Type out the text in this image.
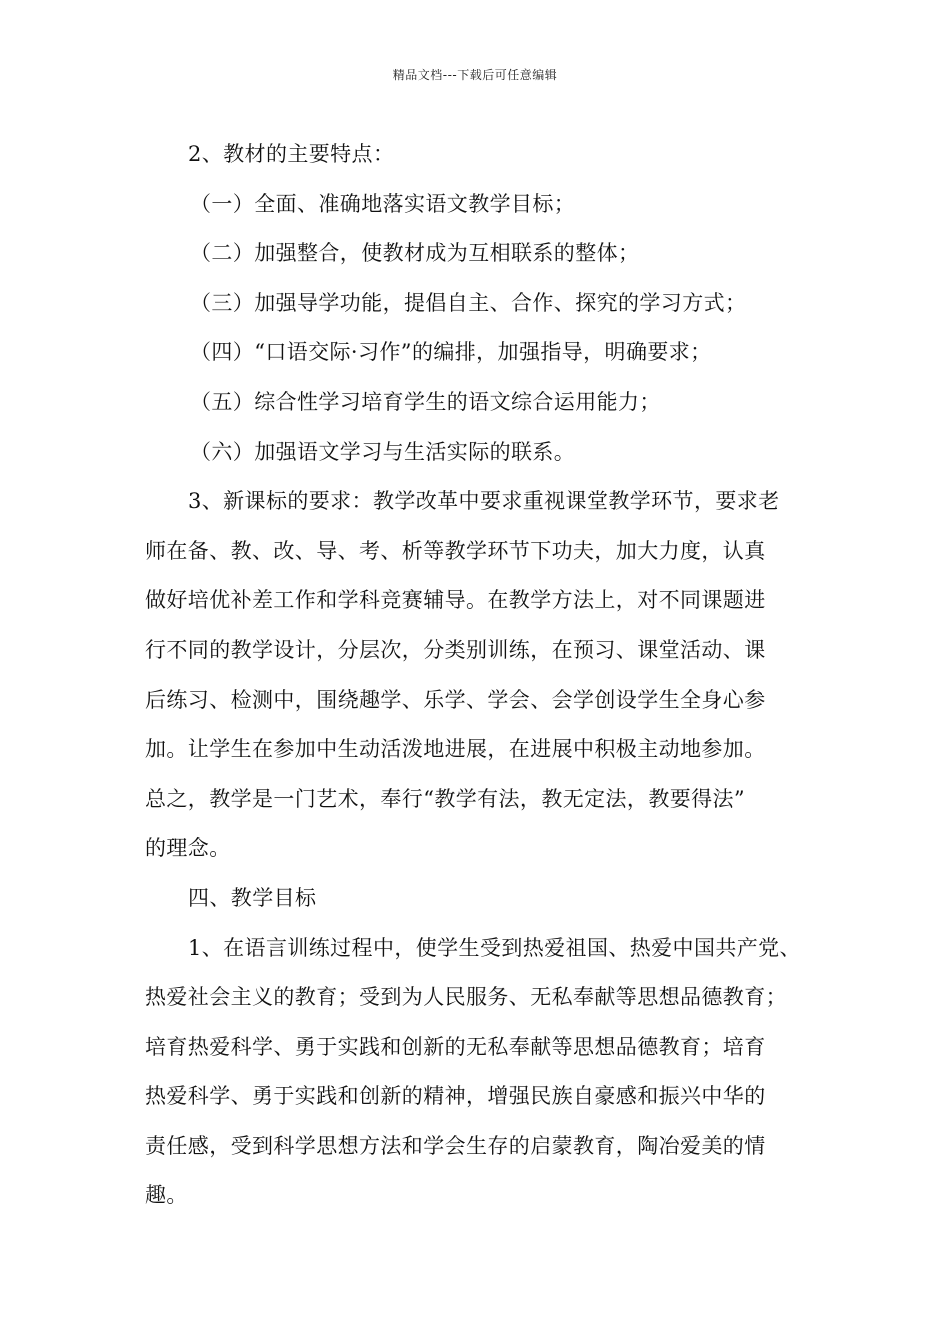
精品文档---下载后可任意编辑

2、教材的主要特点：

（一）全面、准确地落实语文教学目标；

（二）加强整合，使教材成为互相联系的整体；

（三）加强导学功能，提倡自主、合作、探究的学习方式；

（四）“口语交际·习作”的编排，加强指导，明确要求；

（五）综合性学习培育学生的语文综合运用能力；

（六）加强语文学习与生活实际的联系。

3、新课标的要求：教学改革中要求重视课堂教学环节，要求老

师在备、教、改、导、考、析等教学环节下功夫，加大力度，认真

做好培优补差工作和学科竞赛辅导。在教学方法上，对不同课题进

行不同的教学设计，分层次，分类别训练，在预习、课堂活动、课

后练习、检测中，围绕趣学、乐学、学会、会学创设学生全身心参

加。让学生在参加中生动活泼地进展，在进展中积极主动地参加。

总之，教学是一门艺术，奉行“教学有法，教无定法，教要得法”

的理念。

四、教学目标

1、在语言训练过程中，使学生受到热爱祖国、热爱中国共产党、

热爱社会主义的教育；受到为人民服务、无私奉献等思想品德教育；

培育热爱科学、勇于实践和创新的无私奉献等思想品德教育；培育

热爱科学、勇于实践和创新的精神，增强民族自豪感和振兴中华的

责任感，受到科学思想方法和学会生存的启蒙教育，陶冶爱美的情

趣。
